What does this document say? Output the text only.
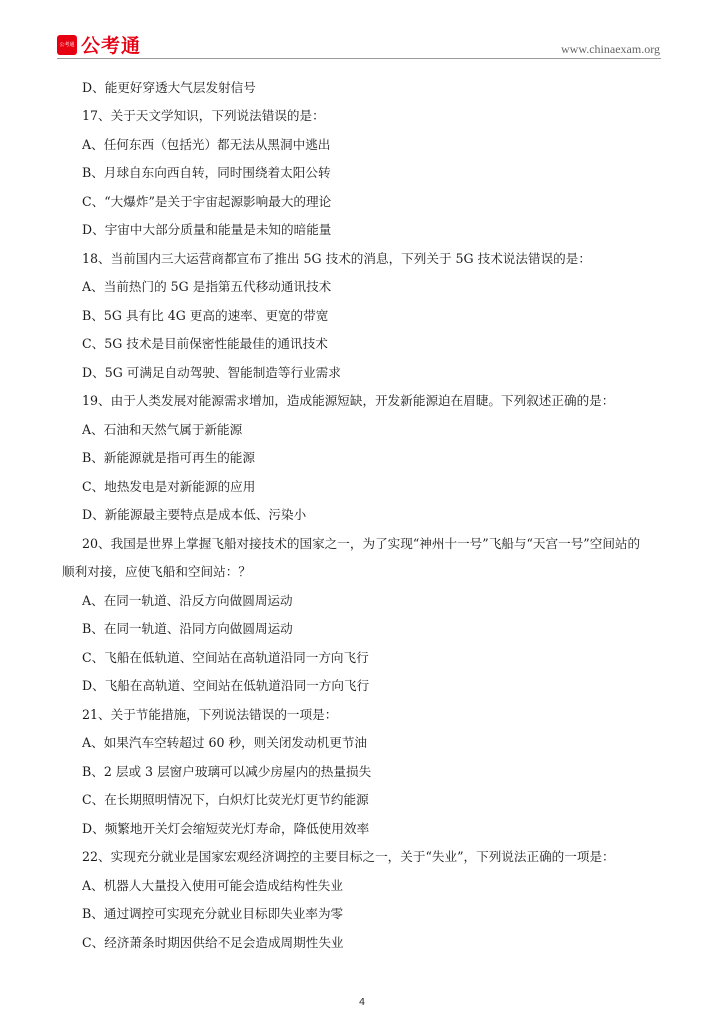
公考通 公考通	www.chinaexam.org
D、能更好穿透大气层发射信号
17、关于天文学知识，下列说法错误的是：
A、任何东西（包括光）都无法从黑洞中逃出
B、月球自东向西自转，同时围绕着太阳公转
C、“大爆炸”是关于宇宙起源影响最大的理论
D、宇宙中大部分质量和能量是未知的暗能量
18、当前国内三大运营商都宣布了推出 5G 技术的消息，下列关于 5G 技术说法错误的是：
A、当前热门的 5G 是指第五代移动通讯技术
B、5G 具有比 4G 更高的速率、更宽的带宽
C、5G 技术是目前保密性能最佳的通讯技术
D、5G 可满足自动驾驶、智能制造等行业需求
19、由于人类发展对能源需求增加，造成能源短缺，开发新能源迫在眉睫。下列叙述正确的是：
A、石油和天然气属于新能源
B、新能源就是指可再生的能源
C、地热发电是对新能源的应用
D、新能源最主要特点是成本低、污染小
20、我国是世界上掌握飞船对接技术的国家之一，为了实现“神州十一号”飞船与“天宫一号”空间站的
顺利对接，应使飞船和空间站：？
A、在同一轨道、沿反方向做圆周运动
B、在同一轨道、沿同方向做圆周运动
C、飞船在低轨道、空间站在高轨道沿同一方向飞行
D、飞船在高轨道、空间站在低轨道沿同一方向飞行
21、关于节能措施，下列说法错误的一项是：
A、如果汽车空转超过 60 秒，则关闭发动机更节油
B、2 层或 3 层窗户玻璃可以减少房屋内的热量损失
C、在长期照明情况下，白炽灯比荧光灯更节约能源
D、频繁地开关灯会缩短荧光灯寿命，降低使用效率
22、实现充分就业是国家宏观经济调控的主要目标之一，关于“失业”，下列说法正确的一项是：
A、机器人大量投入使用可能会造成结构性失业
B、通过调控可实现充分就业目标即失业率为零
C、经济萧条时期因供给不足会造成周期性失业
4
